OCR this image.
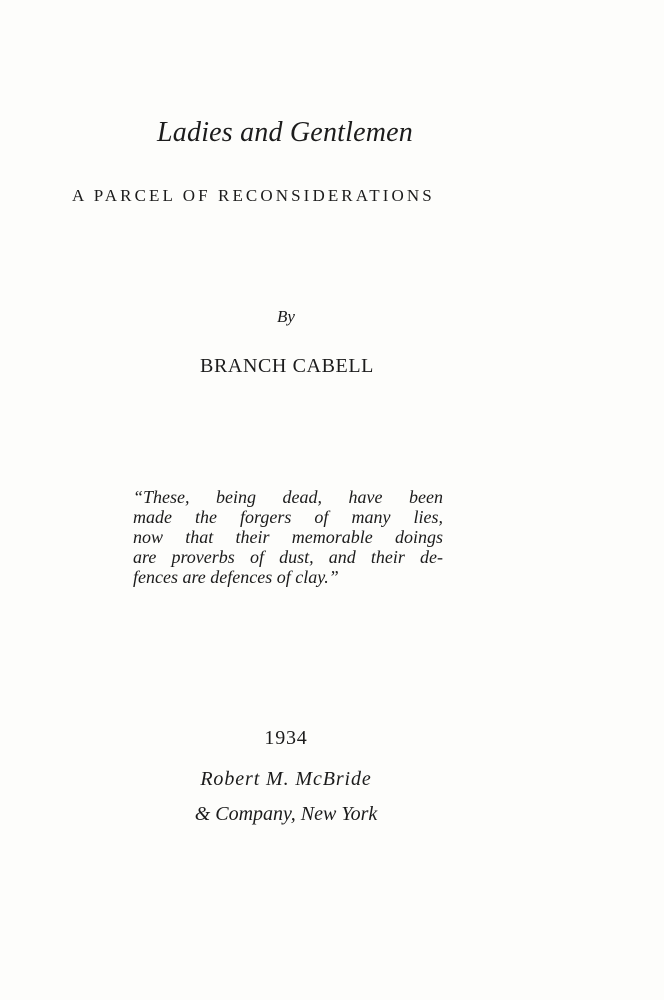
Ladies and Gentlemen
A PARCEL OF RECONSIDERATIONS
By
BRANCH CABELL
“These, being dead, have been
made the forgers of many lies,
now that their memorable doings
are proverbs of dust, and their de-
fences are defences of clay.”
1934
Robert M. McBride
& Company, New York
